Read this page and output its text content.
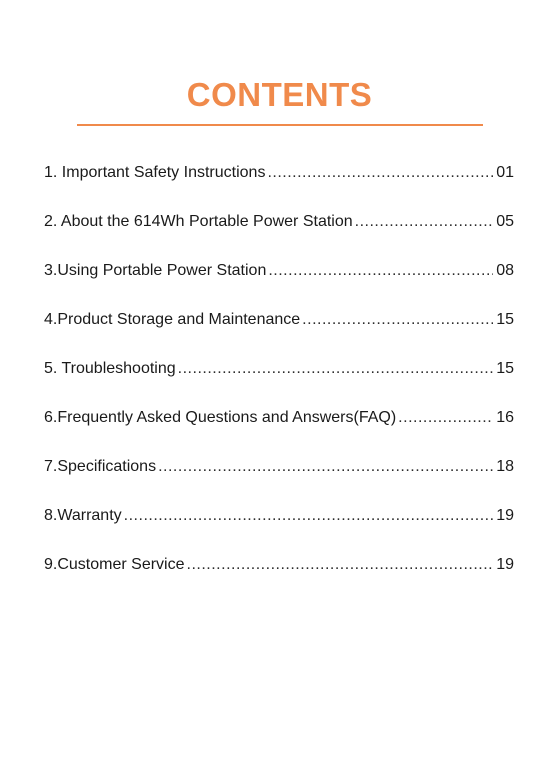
CONTENTS
1. Important Safety Instructions .....	01
2. About the 614Wh Portable Power Station .....	05
3.Using Portable Power Station .....	08
4.Product Storage and Maintenance .....	15
5. Troubleshooting .....	15
6.Frequently Asked Questions and Answers(FAQ) .....	16
7.Specifications .....	18
8.Warranty .....	19
9.Customer Service .....	19
